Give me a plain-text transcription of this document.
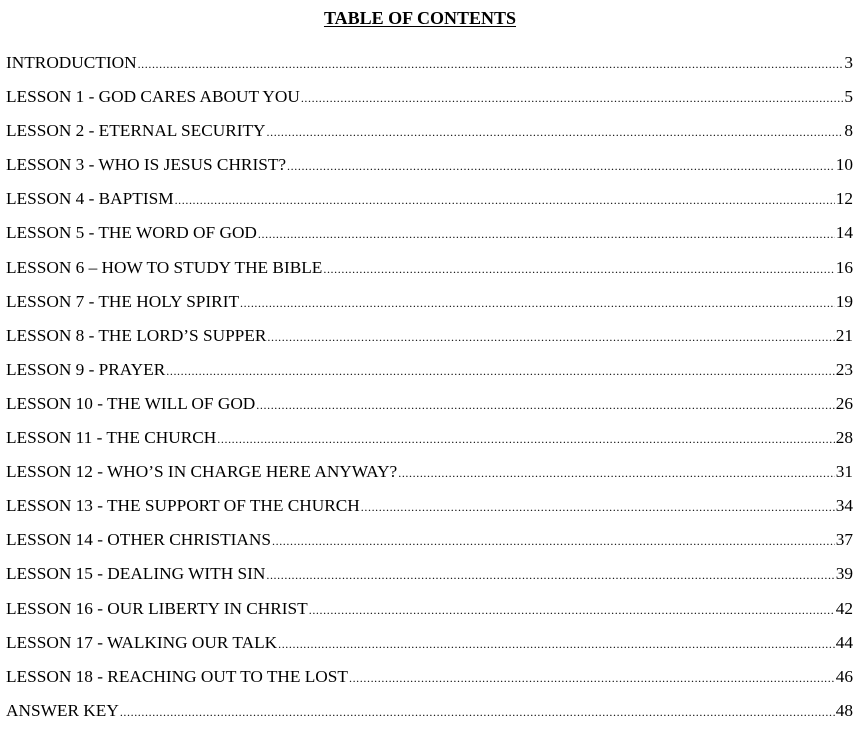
TABLE OF CONTENTS
INTRODUCTION .....	3
LESSON 1 - GOD CARES ABOUT YOU .....	5
LESSON 2 - ETERNAL SECURITY .....	8
LESSON 3 - WHO IS JESUS CHRIST? .....	10
LESSON 4 - BAPTISM .....	12
LESSON 5 - THE WORD OF GOD .....	14
LESSON 6 – HOW TO STUDY THE BIBLE .....	16
LESSON 7 - THE HOLY SPIRIT .....	19
LESSON 8 - THE LORD’S SUPPER .....	21
LESSON 9 - PRAYER .....	23
LESSON 10 - THE WILL OF GOD .....	26
LESSON 11 - THE CHURCH .....	28
LESSON 12 - WHO’S IN CHARGE HERE ANYWAY? .....	31
LESSON 13 - THE SUPPORT OF THE CHURCH .....	34
LESSON 14 - OTHER CHRISTIANS .....	37
LESSON 15 - DEALING WITH SIN .....	39
LESSON 16 - OUR LIBERTY IN CHRIST .....	42
LESSON 17 - WALKING OUR TALK .....	44
LESSON 18 - REACHING OUT TO THE LOST .....	46
ANSWER KEY .....	48
